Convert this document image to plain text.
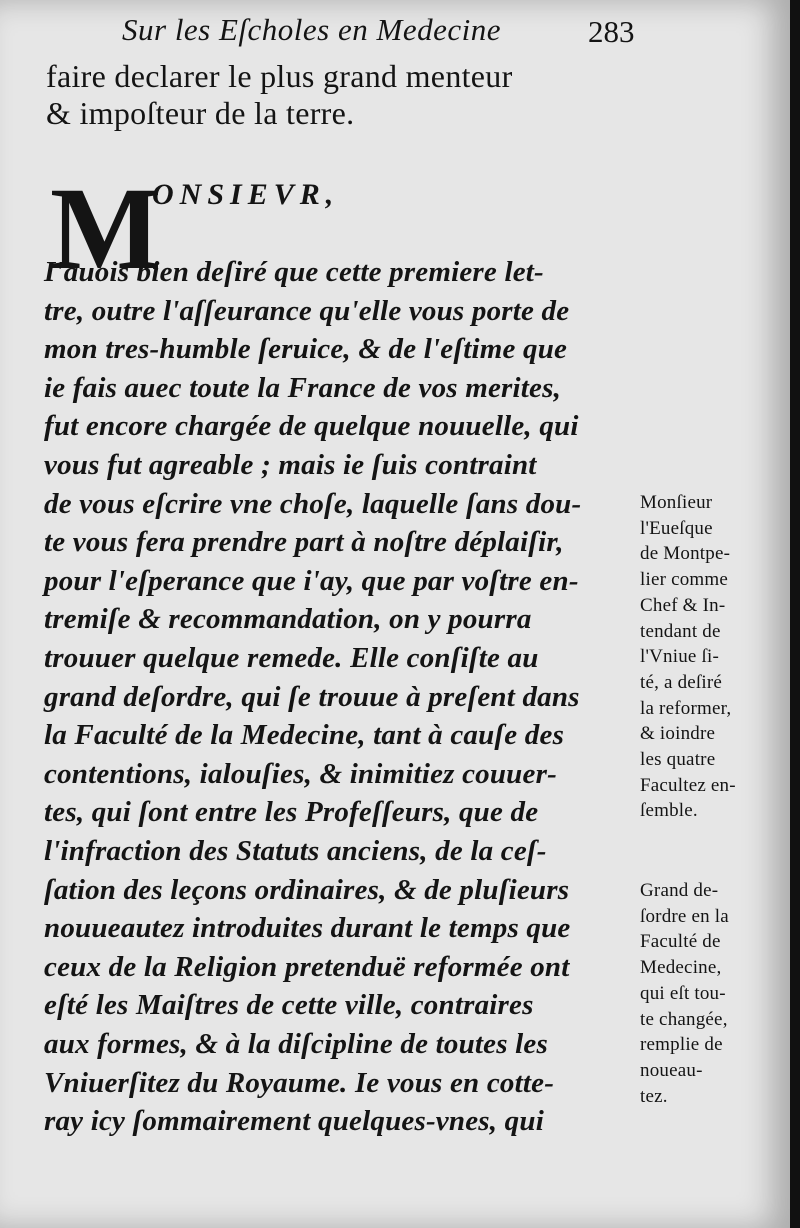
Sur les Eſcholes en Medecine	283
faire declarer le plus grand menteur
& impoſteur de la terre.
M
ONSIEVR,
I'auois bien deſiré que cette premiere let-
tre, outre l'aſſeurance qu'elle vous porte de
mon tres-humble ſeruice, & de l'eſtime que
ie fais auec toute la France de vos merites,
fut encore chargée de quelque nouuelle, qui
vous fut agreable ; mais ie ſuis contraint
de vous eſcrire vne choſe, laquelle ſans dou-
te vous fera prendre part à noſtre déplaiſir,
pour l'eſperance que i'ay, que par voſtre en-
tremiſe & recommandation, on y pourra
trouuer quelque remede. Elle conſiſte au
grand deſordre, qui ſe trouue à preſent dans
la Faculté de la Medecine, tant à cauſe des
contentions, ialouſies, & inimitiez couuer-
tes, qui ſont entre les Profeſſeurs, que de
l'infraction des Statuts anciens, de la ceſ-
ſation des leçons ordinaires, & de pluſieurs
nouueautez introduites durant le temps que
ceux de la Religion pretenduë reformée ont
eſté les Maiſtres de cette ville, contraires
aux formes, & à la diſcipline de toutes les
Vniuerſitez du Royaume. Ie vous en cotte-
ray icy ſommairement quelques-vnes, qui
Monſieur
l'Eueſque
de Montpe-
lier comme
Chef & In-
tendant de
l'Vniue ſi-
té, a deſiré
la reformer,
& ioindre
les quatre
Facultez en-
ſemble.
Grand de-
ſordre en la
Faculté de
Medecine,
qui eſt tou-
te changée,
remplie de
noueau-
tez.
